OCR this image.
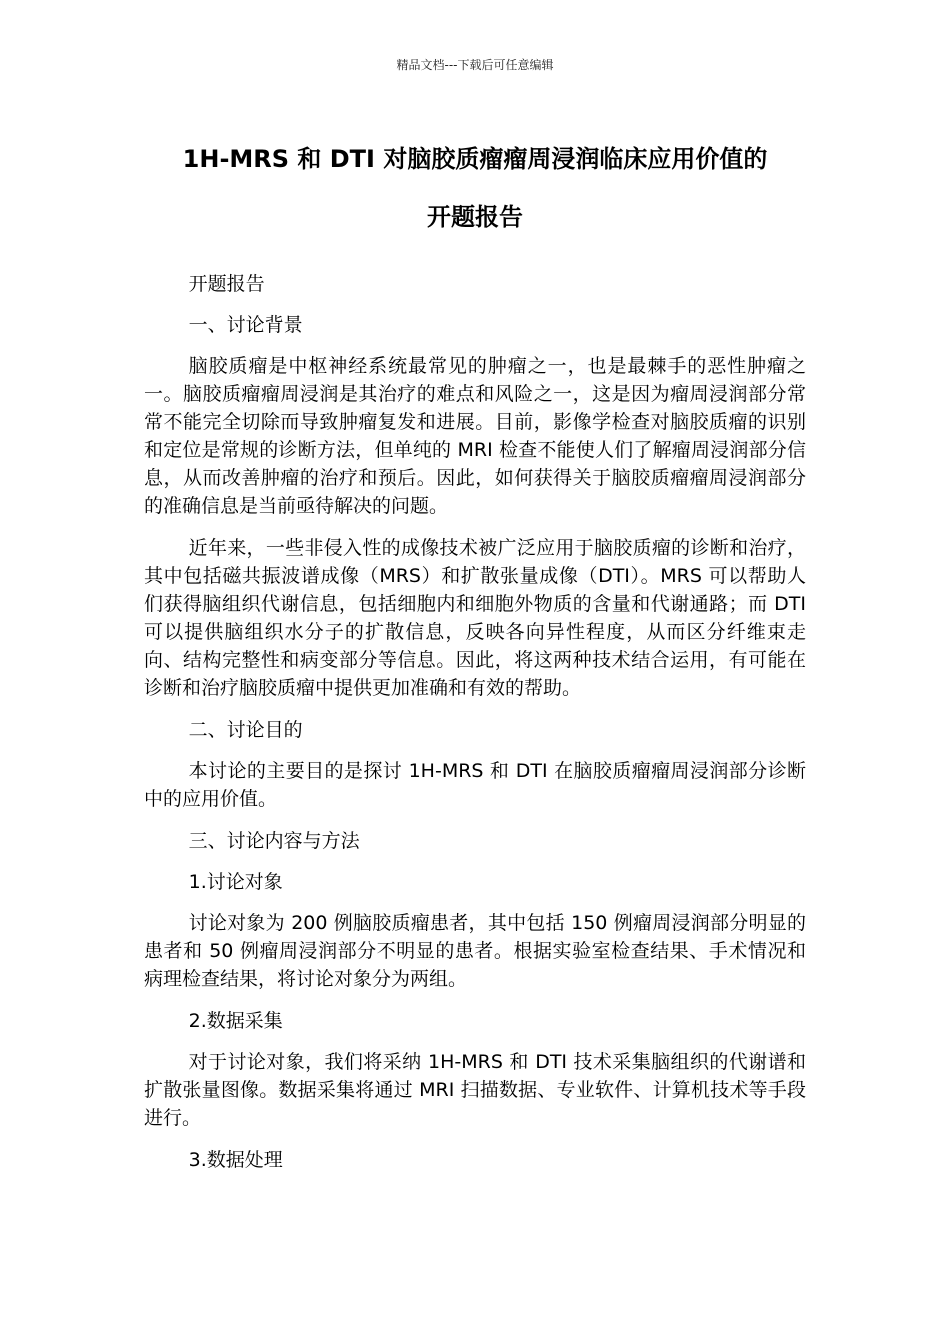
精品文档---下载后可任意编辑
1H-MRS 和 DTI 对脑胶质瘤瘤周浸润临床应用价值的
开题报告

开题报告

一、讨论背景

脑胶质瘤是中枢神经系统最常见的肿瘤之一，也是最棘手的恶性肿瘤之一。脑胶质瘤瘤周浸润是其治疗的难点和风险之一，这是因为瘤周浸润部分常常不能完全切除而导致肿瘤复发和进展。目前，影像学检查对脑胶质瘤的识别和定位是常规的诊断方法，但单纯的 MRI 检查不能使人们了解瘤周浸润部分信息，从而改善肿瘤的治疗和预后。因此，如何获得关于脑胶质瘤瘤周浸润部分的准确信息是当前亟待解决的问题。

近年来，一些非侵入性的成像技术被广泛应用于脑胶质瘤的诊断和治疗，其中包括磁共振波谱成像（MRS）和扩散张量成像（DTI）。MRS 可以帮助人们获得脑组织代谢信息，包括细胞内和细胞外物质的含量和代谢通路；而 DTI 可以提供脑组织水分子的扩散信息，反映各向异性程度，从而区分纤维束走向、结构完整性和病变部分等信息。因此，将这两种技术结合运用，有可能在诊断和治疗脑胶质瘤中提供更加准确和有效的帮助。

二、讨论目的

本讨论的主要目的是探讨 1H-MRS 和 DTI 在脑胶质瘤瘤周浸润部分诊断中的应用价值。

三、讨论内容与方法

1.讨论对象

讨论对象为 200 例脑胶质瘤患者，其中包括 150 例瘤周浸润部分明显的患者和 50 例瘤周浸润部分不明显的患者。根据实验室检查结果、手术情况和病理检查结果，将讨论对象分为两组。

2.数据采集

对于讨论对象，我们将采纳 1H-MRS 和 DTI 技术采集脑组织的代谢谱和扩散张量图像。数据采集将通过 MRI 扫描数据、专业软件、计算机技术等手段进行。

3.数据处理
